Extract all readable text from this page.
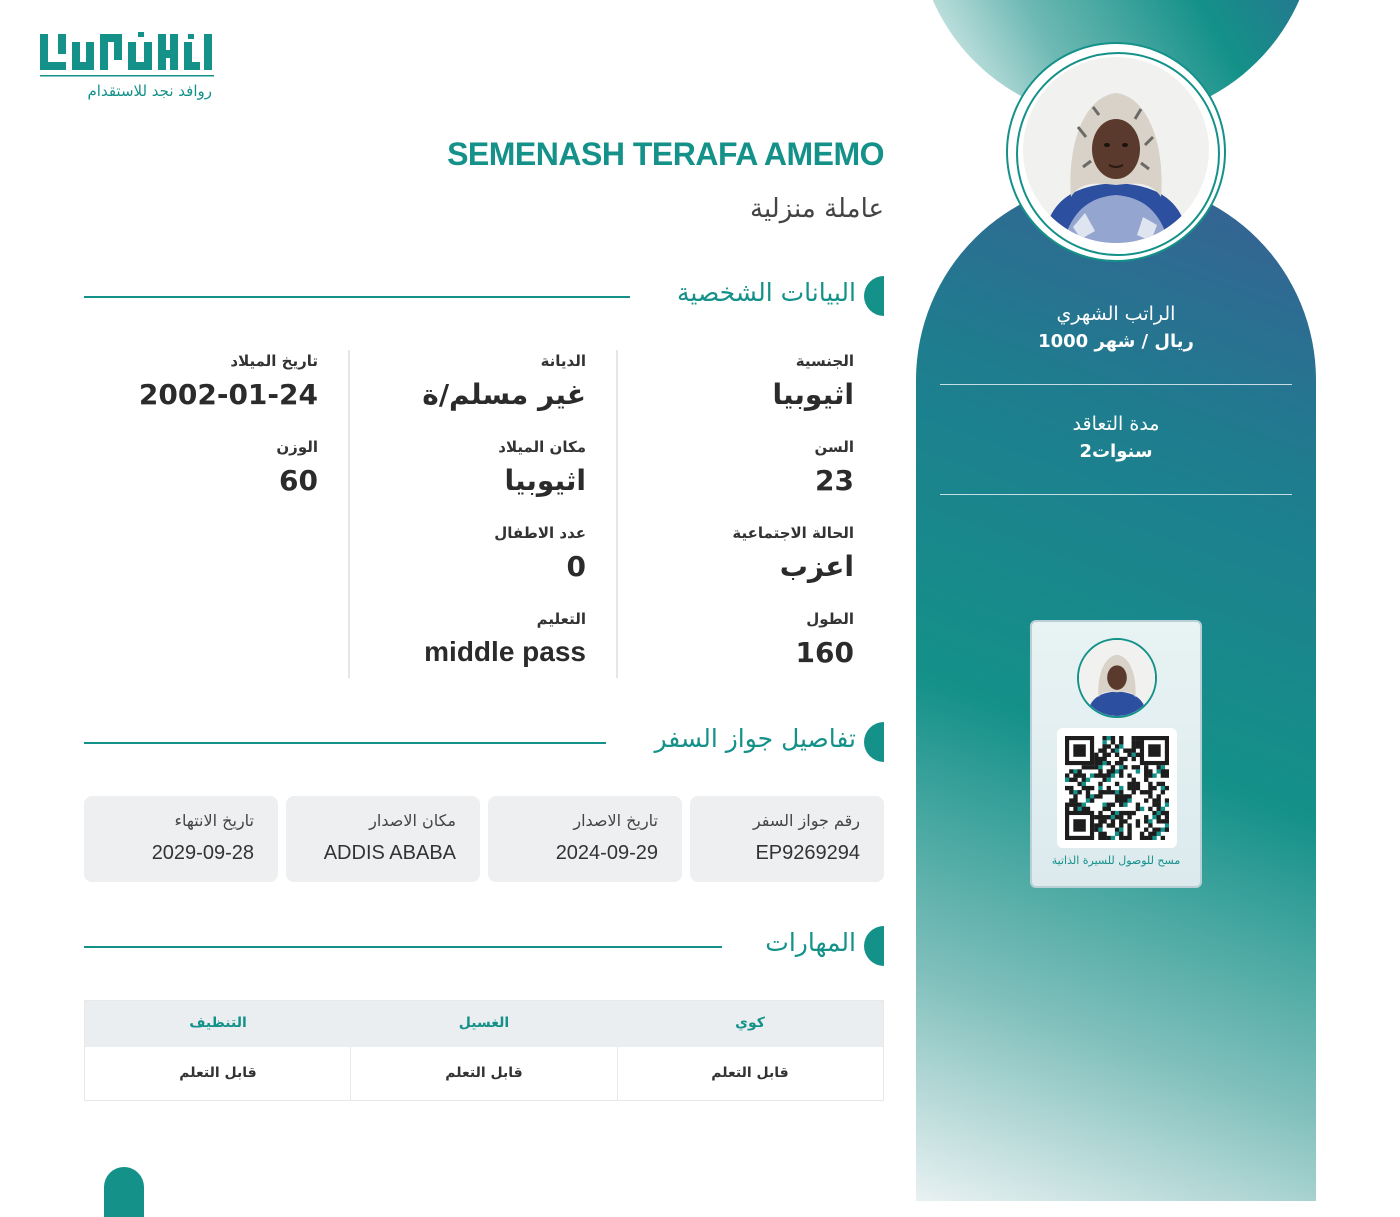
الراتب الشهري
1000 ريال / شهر
مدة التعاقد
2سنوات
مسح للوصول للسيرة الذاتية
روافد نجد للاستقدام
SEMENASH TERAFA AMEMO
عاملة منزلية
البيانات الشخصية
الجنسية
اثيوبيا
السن
23
الحالة الاجتماعية
اعزب
الطول
160
الديانة
غير مسلم/ة
مكان الميلاد
اثيوبيا
عدد الاطفال
0
التعليم
middle pass
تاريخ الميلاد
2002-01-24
الوزن
60
تفاصيل جواز السفر
رقم جواز السفر
EP9269294
تاريخ الاصدار
2024-09-29
مكان الاصدار
ADDIS ABABA
تاريخ الانتهاء
2029-09-28
المهارات
كوي
الغسيل
التنظيف
قابل التعلم
قابل التعلم
قابل التعلم
